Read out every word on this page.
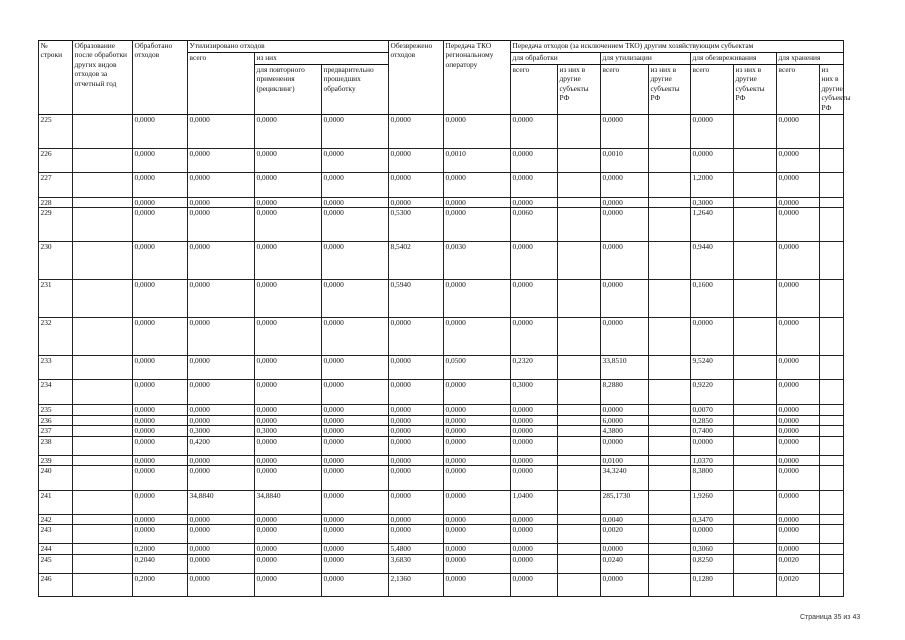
№ строки	Образование после обработки других видов отходов за отчетный год	Обработано отходов	Утилизировано отходов			Обезврежено отходов	Передача ТКО региональному оператору	Передача отходов (за исключением ТКО) другим хозяйствующим субъектам							
			всего	из них				для обработки		для утилизации		для обезвреживания		для хранения	
				для повторного применения (рециклинг)	предварительно прошедших обработку			всего	из них в другие субъекты РФ	всего	из них в другие субъекты РФ	всего	из них в другие субъекты РФ	всего	из них в другие субъекты РФ
225		0,0000	0,0000	0,0000	0,0000	0,0000	0,0000	0,0000		0,0000		0,0000		0,0000	
226		0,0000	0,0000	0,0000	0,0000	0,0000	0,0010	0,0000		0,0010		0,0000		0,0000	
227		0,0000	0,0000	0,0000	0,0000	0,0000	0,0000	0,0000		0,0000		1,2000		0,0000	
228		0,0000	0,0000	0,0000	0,0000	0,0000	0,0000	0,0000		0,0000		0,3000		0,0000	
229		0,0000	0,0000	0,0000	0,0000	0,5300	0,0000	0,0060		0,0000		1,2640		0,0000	
230		0,0000	0,0000	0,0000	0,0000	8,5402	0,0030	0,0000		0,0000		0,9440		0,0000	
231		0,0000	0,0000	0,0000	0,0000	0,5940	0,0000	0,0000		0,0000		0,1600		0,0000	
232		0,0000	0,0000	0,0000	0,0000	0,0000	0,0000	0,0000		0,0000		0,0000		0,0000	
233		0,0000	0,0000	0,0000	0,0000	0,0000	0,0500	0,2320		33,8510		9,5240		0,0000	
234		0,0000	0,0000	0,0000	0,0000	0,0000	0,0000	0,3000		8,2880		0,9220		0,0000	
235		0,0000	0,0000	0,0000	0,0000	0,0000	0,0000	0,0000		0,0000		0,0070		0,0000	
236		0,0000	0,0000	0,0000	0,0000	0,0000	0,0000	0,0000		6,0000		0,2850		0,0000	
237		0,0000	0,3000	0,3000	0,0000	0,0000	0,0000	0,0000		4,3800		0,7400		0,0000	
238		0,0000	0,4200	0,0000	0,0000	0,0000	0,0000	0,0000		0,0000		0,0000		0,0000	
239		0,0000	0,0000	0,0000	0,0000	0,0000	0,0000	0,0000		0,0100		1,0370		0,0000	
240		0,0000	0,0000	0,0000	0,0000	0,0000	0,0000	0,0000		34,3240		8,3800		0,0000	
241		0,0000	34,8840	34,8840	0,0000	0,0000	0,0000	1,0400		285,1730		1,9260		0,0000	
242		0,0000	0,0000	0,0000	0,0000	0,0000	0,0000	0,0000		0,0040		0,3470		0,0000	
243		0,0000	0,0000	0,0000	0,0000	0,0000	0,0000	0,0000		0,0020		0,0000		0,0000	
244		0,2000	0,0000	0,0000	0,0000	5,4800	0,0000	0,0000		0,0000		0,3060		0,0000	
245		0,2040	0,0000	0,0000	0,0000	3,6830	0,0000	0,0000		0,0240		0,8250		0,0020	
246		0,2000	0,0000	0,0000	0,0000	2,1360	0,0000	0,0000		0,0000		0,1280		0,0020	
Страница 35 из 43
